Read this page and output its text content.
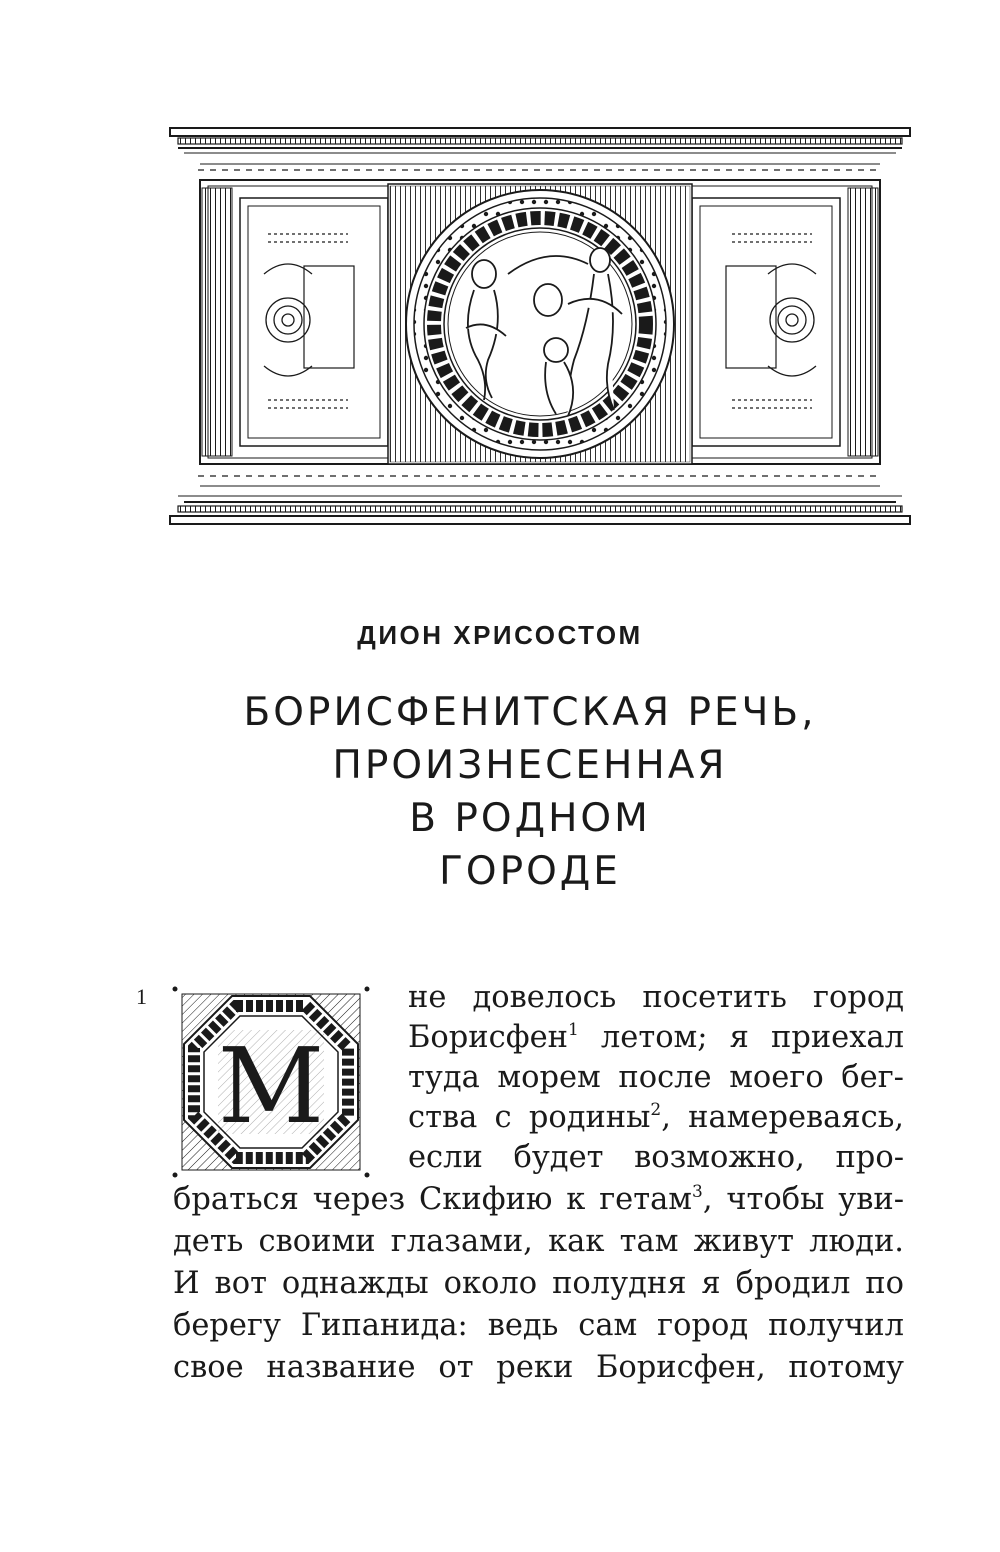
ДИОН ХРИСОСТОМ
БОРИСФЕНИТСКАЯ РЕЧЬ,
ПРОИЗНЕСЕННАЯ
В РОДНОМ
ГОРОДЕ
1
М
не довелось посетить город
Борисфен$^1$ летом; я приехал
туда морем после моего бег-
ства с родины$^2$, намереваясь,
если будет возможно, про-
браться через Скифию к гетам$^3$, чтобы уви-
деть своими глазами, как там живут люди.
И вот однажды около полудня я бродил по
берегу Гипанида: ведь сам город получил
свое название от реки Борисфен, потому
